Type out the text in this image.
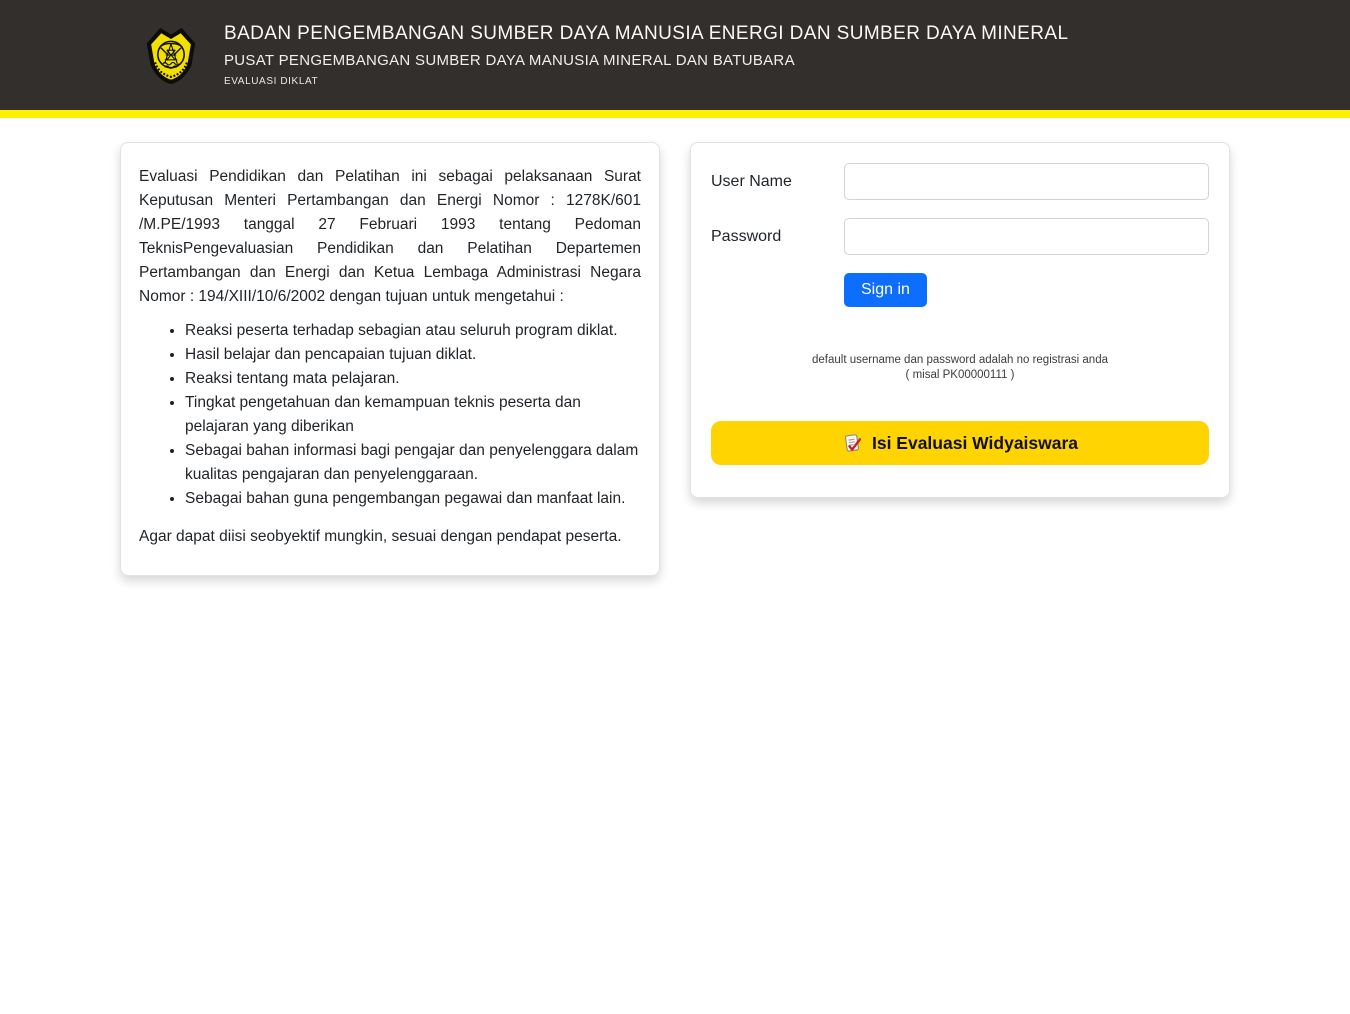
BADAN PENGEMBANGAN SUMBER DAYA MANUSIA ENERGI DAN SUMBER DAYA MINERAL
PUSAT PENGEMBANGAN SUMBER DAYA MANUSIA MINERAL DAN BATUBARA
EVALUASI DIKLAT

Evaluasi Pendidikan dan Pelatihan ini sebagai pelaksanaan Surat Keputusan Menteri Pertambangan dan Energi Nomor : 1278K/601 /M.PE/1993 tanggal 27 Februari 1993 tentang Pedoman TeknisPengevaluasian Pendidikan dan Pelatihan Departemen Pertambangan dan Energi dan Ketua Lembaga Administrasi Negara Nomor : 194/XIII/10/6/2002 dengan tujuan untuk mengetahui :

• Reaksi peserta terhadap sebagian atau seluruh program diklat.
• Hasil belajar dan pencapaian tujuan diklat.
• Reaksi tentang mata pelajaran.
• Tingkat pengetahuan dan kemampuan teknis peserta dan pelajaran yang diberikan
• Sebagai bahan informasi bagi pengajar dan penyelenggara dalam kualitas pengajaran dan penyelenggaraan.
• Sebagai bahan guna pengembangan pegawai dan manfaat lain.

Agar dapat diisi seobyektif mungkin, sesuai dengan pendapat peserta.

User Name
Password
Sign in
default username dan password adalah no registrasi anda
( misal PK00000111 )
Isi Evaluasi Widyaiswara
